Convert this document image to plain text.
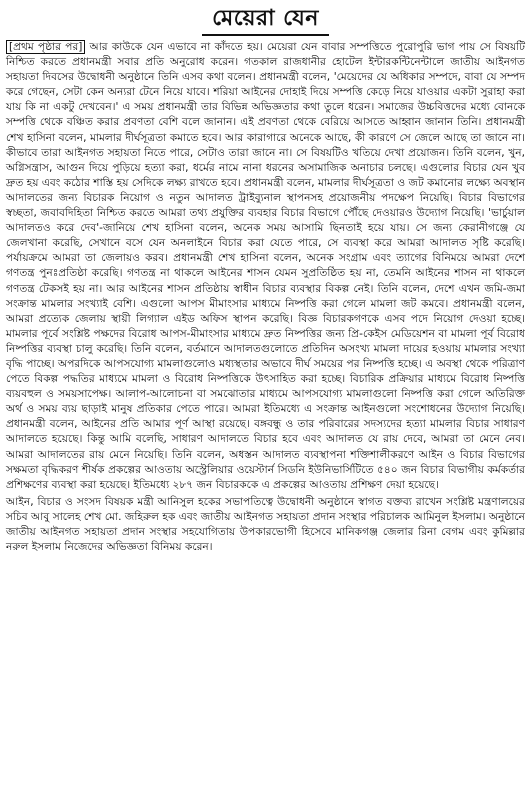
মেয়েরা যেন

[প্রথম পৃষ্ঠার পর] আর কাউকে যেন এভাবে না কাঁদতে হয়। মেয়েরা যেন বাবার সম্পত্তিতে পুরোপুরি ভাগ পায় সে বিষয়টি নিশ্চিত করতে প্রধানমন্ত্রী সবার প্রতি অনুরোধ করেন। গতকাল রাজধানীর হোটেল ইন্টারকন্টিনেন্টালে জাতীয় আইনগত সহায়তা দিবসের উদ্বোধনী অনুষ্ঠানে তিনি এসব কথা বলেন। প্রধানমন্ত্রী বলেন, 'মেয়েদের যে অধিকার সম্পদে, বাবা যে সম্পদ করে গেছেন, সেটা কেন অন্যরা টেনে নিয়ে যাবে। শরিয়া আইনের দোহাই দিয়ে সম্পত্তি কেড়ে নিয়ে যাওয়ার একটা সুরাহা করা যায় কি না একটু দেখবেন।' এ সময় প্রধানমন্ত্রী তার বিভিন্ন অভিজ্ঞতার কথা তুলে ধরেন। সমাজের উচ্চবিত্তদের মধ্যে বোনকে সম্পত্তি থেকে বঞ্চিত করার প্রবণতা বেশি বলে জানান। এই প্রবণতা থেকে বেরিয়ে আসতে আহ্বান জানান তিনি। প্রধানমন্ত্রী শেখ হাসিনা বলেন, মামলার দীর্ঘসূত্রতা কমাতে হবে। আর কারাগারে অনেকে আছে, কী কারণে সে জেলে আছে তা জানে না। কীভাবে তারা আইনগত সহায়তা নিতে পারে, সেটাও তারা জানে না। সে বিষয়টিও খতিয়ে দেখা প্রয়োজন। তিনি বলেন, খুন, অগ্নিসন্ত্রাস, আগুন দিয়ে পুড়িয়ে হত্যা করা, ধর্মের নামে নানা ধরনের অসামাজিক অনাচার চলছে। এগুলোর বিচার যেন খুব দ্রুত হয় এবং কঠোর শাস্তি হয় সেদিকে লক্ষ্য রাখতে হবে। প্রধানমন্ত্রী বলেন, মামলার দীর্ঘসূত্রতা ও জট কমানোর লক্ষ্যে অবস্থান আদালতের জন্য বিচারক নিয়োগ ও নতুন আদালত ট্রাইব্যুনাল স্থাপনসহ প্রয়োজনীয় পদক্ষেপ নিয়েছি। বিচার বিভাগের স্বচ্ছতা, জবাবদিহিতা নিশ্চিত করতে আমরা তথ্য প্রযুক্তির ব্যবহার বিচার বিভাগে পৌঁছে দেওয়ারও উদ্যোগ নিয়েছি। 'ভার্চুয়াল আদালতও করে দেব'-জানিয়ে শেখ হাসিনা বলেন, অনেক সময় আসামি ছিনতাই হয়ে যায়। সে জন্য কেরানীগঞ্জে যে জেলখানা করেছি, সেখানে বসে যেন অনলাইনে বিচার করা যেতে পারে, সে ব্যবস্থা করে আমরা আদালত সৃষ্টি করেছি। পর্যায়ক্রমে আমরা তা জেলায়ও করব। প্রধানমন্ত্রী শেখ হাসিনা বলেন, অনেক সংগ্রাম এবং ত্যাগের বিনিময়ে আমরা দেশে গণতন্ত্র পুনঃপ্রতিষ্ঠা করেছি। গণতন্ত্র না থাকলে আইনের শাসন যেমন সুপ্রতিষ্ঠিত হয় না, তেমনি আইনের শাসন না থাকলে গণতন্ত্র টেকসই হয় না। আর আইনের শাসন প্রতিষ্ঠায় স্বাধীন বিচার ব্যবস্থার বিকল্প নেই। তিনি বলেন, দেশে এখন জমি-জমা সংক্রান্ত মামলার সংখ্যাই বেশি। এগুলো আপস মীমাংসার মাধ্যমে নিষ্পত্তি করা গেলে মামলা জট কমবে। প্রধানমন্ত্রী বলেন, আমরা প্রত্যেক জেলায় স্থায়ী লিগ্যাল এইড অফিস স্থাপন করেছি। বিজ্ঞ বিচারকগণকে এসব পদে নিয়োগ দেওয়া হচ্ছে। মামলার পূর্বে সংশ্লিষ্ট পক্ষদের বিরোধ আপস-মীমাংসার মাধ্যমে দ্রুত নিষ্পত্তির জন্য প্রি-কেইস মেডিয়েশন বা মামলা পূর্ব বিরোধ নিষ্পত্তির ব্যবস্থা চালু করেছি। তিনি বলেন, বর্তমানে আদালতগুলোতে প্রতিদিন অসংখ্য মামলা দায়ের হওয়ায় মামলার সংখ্যা বৃদ্ধি পাচ্ছে। অপরদিকে আপসযোগ্য মামলাগুলোও মধ্যস্থতার অভাবে দীর্ঘ সময়ের পর নিষ্পত্তি হচ্ছে। এ অবস্থা থেকে পরিত্রাণ পেতে বিকল্প পদ্ধতির মাধ্যমে মামলা ও বিরোধ নিষ্পত্তিকে উৎসাহিত করা হচ্ছে। বিচারিক প্রক্রিয়ার মাধ্যমে বিরোধ নিষ্পত্তি ব্যয়বহুল ও সময়সাপেক্ষ। আলাপ-আলোচনা বা সমঝোতার মাধ্যমে আপসযোগ্য মামলাগুলো নিষ্পত্তি করা গেলে অতিরিক্ত অর্থ ও সময় ব্যয় ছাড়াই মানুষ প্রতিকার পেতে পারে। আমরা ইতিমধ্যে এ সংক্রান্ত আইনগুলো সংশোধনের উদ্যোগ নিয়েছি। প্রধানমন্ত্রী বলেন, আইনের প্রতি আমার পূর্ণ আস্থা রয়েছে। বঙ্গবন্ধু ও তার পরিবারের সদস্যদের হত্যা মামলার বিচার সাধারণ আদালতে হয়েছে। কিন্তু আমি বলেছি, সাধারণ আদালতে বিচার হবে এবং আদালত যে রায় দেবে, আমরা তা মেনে নেব। আমরা আদালতের রায় মেনে নিয়েছি। তিনি বলেন, অধস্তন আদালত ব্যবস্থাপনা শক্তিশালীকরণে আইন ও বিচার বিভাগের সক্ষমতা বৃদ্ধিকরণ শীর্ষক প্রকল্পের আওতায় অস্ট্রেলিয়ার ওয়েস্টার্ন সিডনি ইউনিভার্সিটিতে ৫৪০ জন বিচার বিভাগীয় কর্মকর্তার প্রশিক্ষণের ব্যবস্থা করা হয়েছে। ইতিমধ্যে ২৮৭ জন বিচারককে এ প্রকল্পের আওতায় প্রশিক্ষণ দেয়া হয়েছে।

আইন, বিচার ও সংসদ বিষয়ক মন্ত্রী আনিসুল হকের সভাপতিত্বে উদ্বোধনী অনুষ্ঠানে স্বাগত বক্তব্য রাখেন সংশ্লিষ্ট মন্ত্রণালয়ের সচিব আবু সালেহ শেখ মো. জহিরুল হক এবং জাতীয় আইনগত সহায়তা প্রদান সংস্থার পরিচালক আমিনুল ইসলাম। অনুষ্ঠানে জাতীয় আইনগত সহায়তা প্রদান সংস্থার সহযোগিতায় উপকারভোগী হিসেবে মানিকগঞ্জ জেলার রিনা বেগম এবং কুমিল্লার নরুল ইসলাম নিজেদের অভিজ্ঞতা বিনিময় করেন।
